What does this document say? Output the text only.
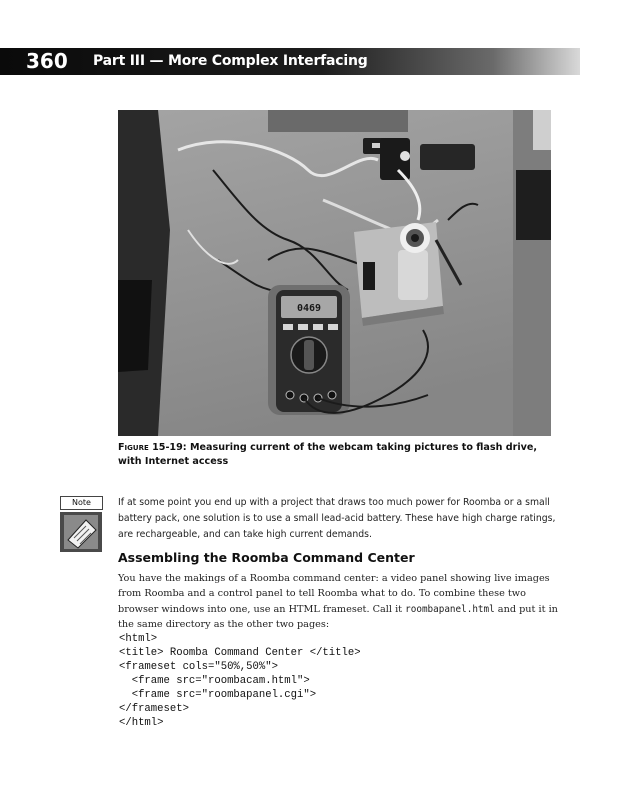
360 Part III — More Complex Interfacing
0469
Figure 15-19: Measuring current of the webcam taking pictures to flash drive, with Internet access
Note	If at some point you end up with a project that draws too much power for Roomba or a small battery pack, one solution is to use a small lead-acid battery. These have high charge ratings, are rechargeable, and can take high current demands.
Assembling the Roomba Command Center
You have the makings of a Roomba command center: a video panel showing live images from Roomba and a control panel to tell Roomba what to do. To combine these two browser windows into one, use an HTML frameset. Call it roombapanel.html and put it in the same directory as the other two pages:
<html>
<title> Roomba Command Center </title>
<frameset cols="50%,50%">
<frame src="roombacam.html">
<frame src="roombapanel.cgi">
</frameset>
</html>
